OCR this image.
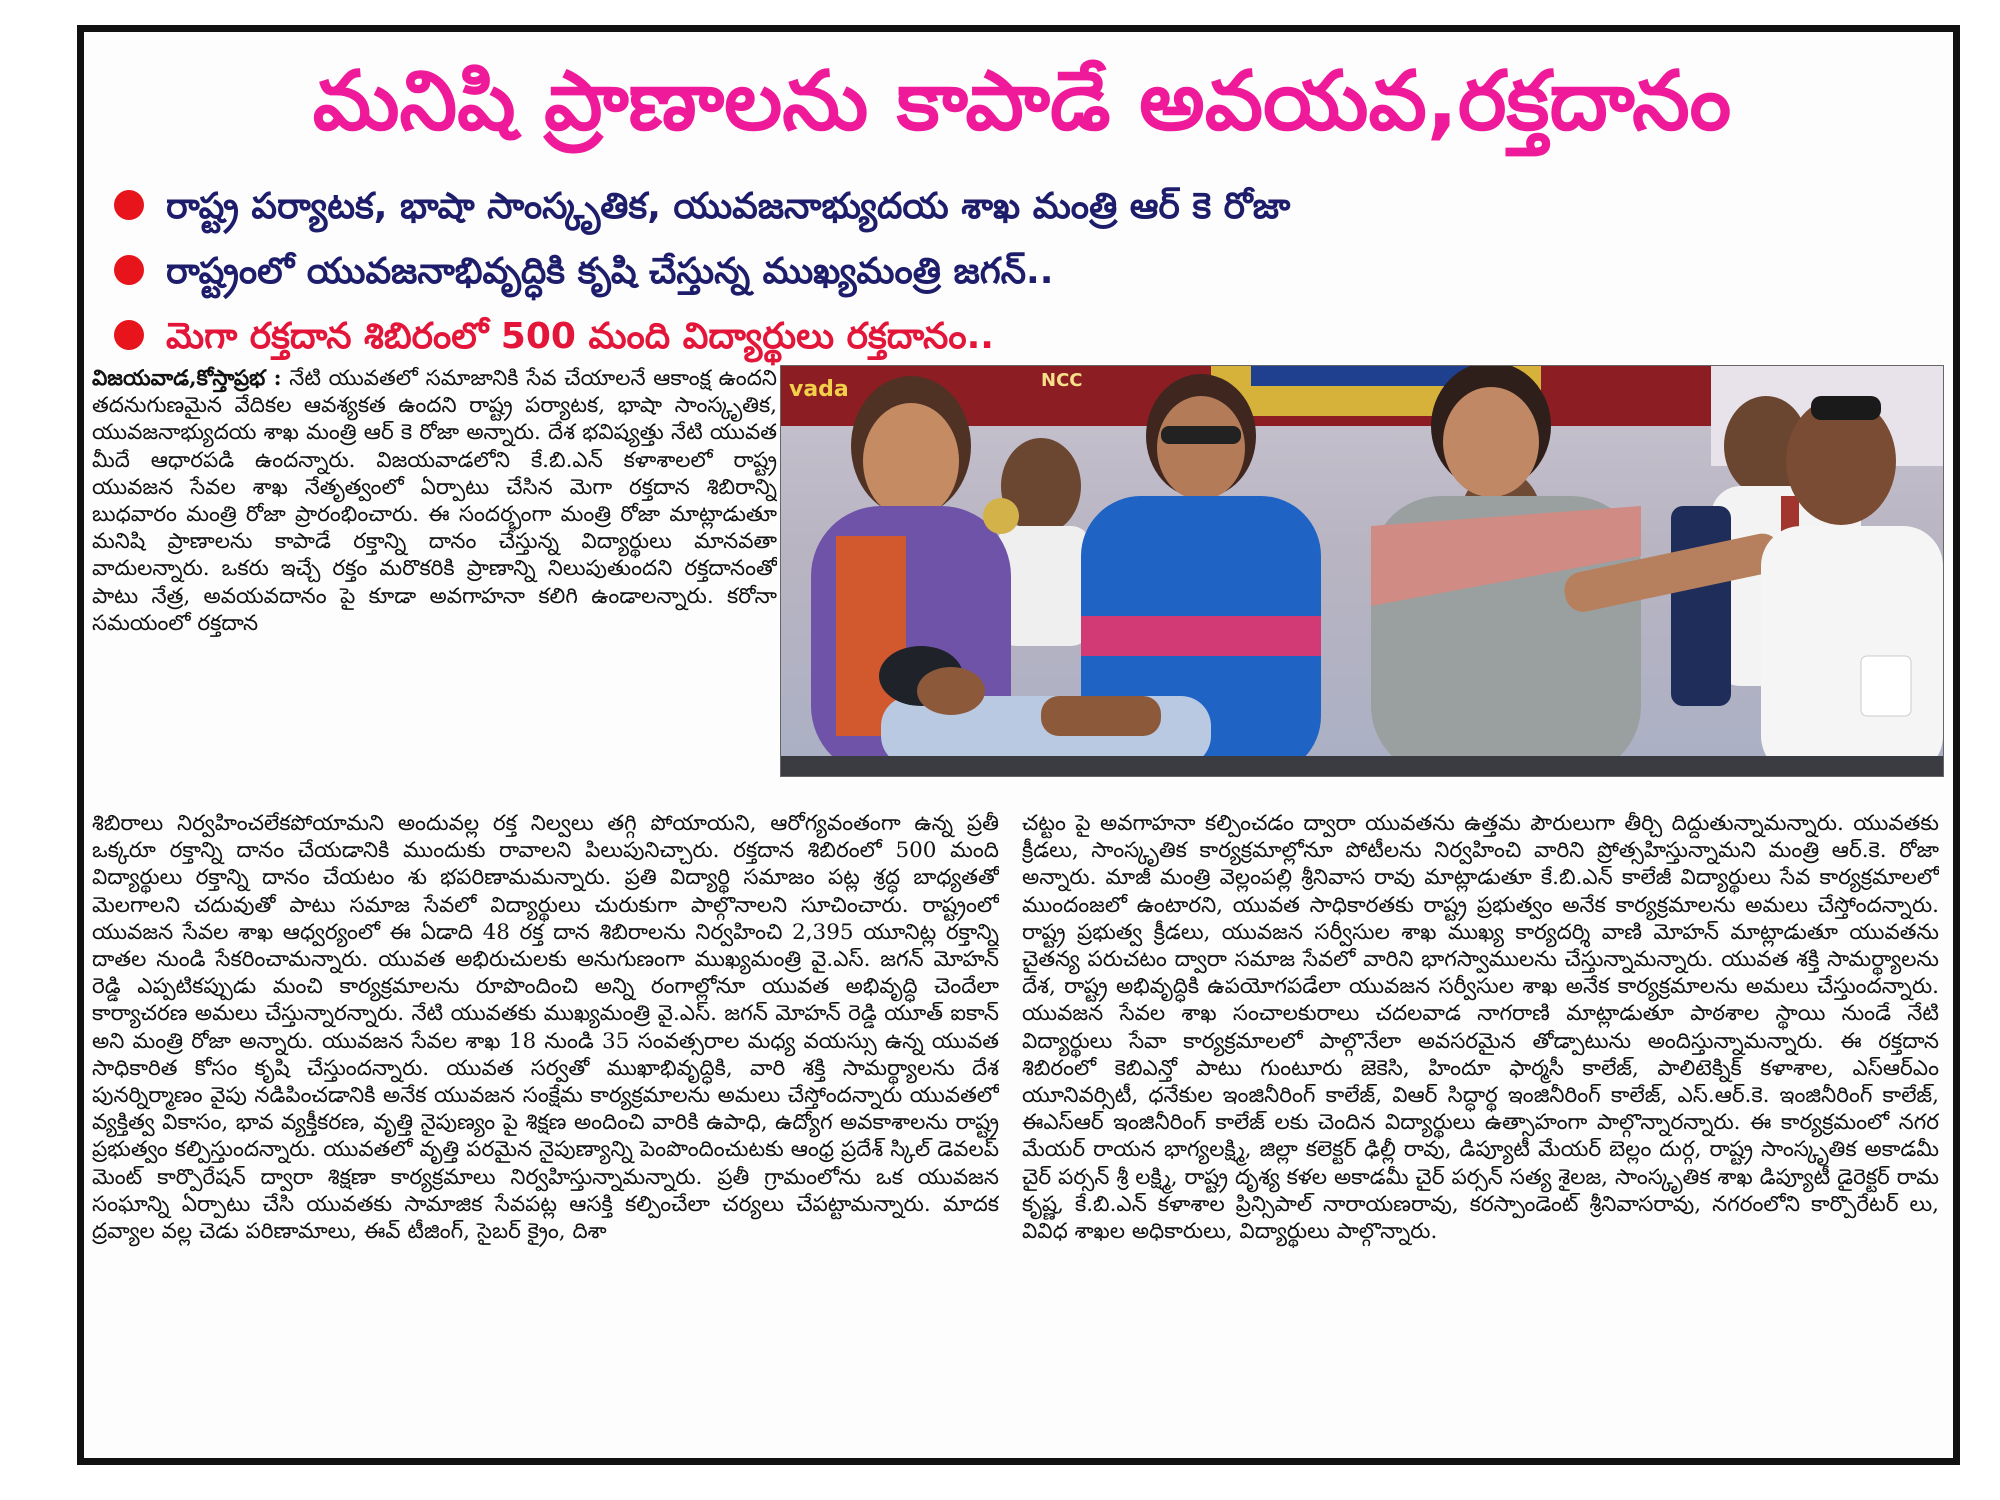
మనిషి ప్రాణాలను కాపాడే అవయవ,రక్తదానం
రాష్ట్ర పర్యాటక, భాషా సాంస్కృతిక, యువజనాభ్యుదయ శాఖ మంత్రి ఆర్ కె రోజా
రాష్ట్రంలో యువజనాభివృద్ధికి కృషి చేస్తున్న ముఖ్యమంత్రి జగన్..
మెగా రక్తదాన శిబిరంలో 500 మంది విద్యార్థులు రక్తదానం..
విజయవాడ,కోస్తాప్రభ : నేటి యువతలో సమాజానికి సేవ చేయాలనే ఆకాంక్ష ఉందని తదనుగుణమైన వేదికల ఆవశ్యకత ఉందని రాష్ట్ర పర్యాటక, భాషా సాంస్కృతిక, యువజనాభ్యుదయ శాఖ మంత్రి ఆర్ కె రోజా అన్నారు. దేశ భవిష్యత్తు నేటి యువత మీదే ఆధారపడి ఉందన్నారు. విజయవాడలోని కే.బి.ఎన్ కళాశాలలో రాష్ట్ర యువజన సేవల శాఖ నేతృత్వంలో ఏర్పాటు చేసిన మెగా రక్తదాన శిబిరాన్ని బుధవారం మంత్రి రోజా ప్రారంభించారు. ఈ సందర్భంగా మంత్రి రోజా మాట్లాడుతూ మనిషి ప్రాణాలను కాపాడే రక్తాన్ని దానం చేస్తున్న విద్యార్థులు మానవతా వాదులన్నారు. ఒకరు ఇచ్చే రక్తం మరొకరికి ప్రాణాన్ని నిలుపుతుందని రక్తదానంతో పాటు నేత్ర, అవయవదానం పై కూడా అవగాహనా కలిగి ఉండాలన్నారు. కరోనా సమయంలో రక్తదాన
vada	NCC
శిబిరాలు నిర్వహించలేకపోయామని అందువల్ల రక్త నిల్వలు తగ్గి పోయాయని, ఆరోగ్యవంతంగా ఉన్న ప్రతీ ఒక్కరూ రక్తాన్ని దానం చేయడానికి ముందుకు రావాలని పిలుపునిచ్చారు. రక్తదాన శిబిరంలో 500 మంది విద్యార్థులు రక్తాన్ని దానం చేయటం శు భపరిణామమన్నారు. ప్రతి విద్యార్థి సమాజం పట్ల శ్రద్ధ బాధ్యతతో మెలగాలని చదువుతో పాటు సమాజ సేవలో విద్యార్థులు చురుకుగా పాల్గొనాలని సూచించారు. రాష్ట్రంలో యువజన సేవల శాఖ ఆధ్వర్యంలో ఈ ఏడాది 48 రక్త దాన శిబిరాలను నిర్వహించి 2,395 యూనిట్ల రక్తాన్ని దాతల నుండి సేకరించామన్నారు. యువత అభిరుచులకు అనుగుణంగా ముఖ్యమంత్రి వై.ఎస్. జగన్ మోహన్ రెడ్డి ఎప్పటికప్పుడు మంచి కార్యక్రమాలను రూపొందించి అన్ని రంగాల్లోనూ యువత అభివృద్ధి చెందేలా కార్యాచరణ అమలు చేస్తున్నారన్నారు. నేటి యువతకు ముఖ్యమంత్రి వై.ఎస్. జగన్ మోహన్ రెడ్డి యూత్ ఐకాన్ అని మంత్రి రోజా అన్నారు. యువజన సేవల శాఖ 18 నుండి 35 సంవత్సరాల మధ్య వయస్సు ఉన్న యువత సాధికారిత కోసం కృషి చేస్తుందన్నారు. యువత సర్వతో ముఖాభివృద్ధికి, వారి శక్తి సామర్థ్యాలను దేశ పునర్నిర్మాణం వైపు నడిపించడానికి అనేక యువజన సంక్షేమ కార్యక్రమాలను అమలు చేస్తోందన్నారు యువతలో వ్యక్తిత్వ వికాసం, భావ వ్యక్తీకరణ, వృత్తి నైపుణ్యం పై శిక్షణ అందించి వారికి ఉపాధి, ఉద్యోగ అవకాశాలను రాష్ట్ర ప్రభుత్వం కల్పిస్తుందన్నారు. యువతలో వృత్తి పరమైన నైపుణ్యాన్ని పెంపొందించుటకు ఆంధ్ర ప్రదేశ్ స్కిల్ డెవలప్ మెంట్ కార్పొరేషన్ ద్వారా శిక్షణా కార్యక్రమాలు నిర్వహిస్తున్నామన్నారు. ప్రతీ గ్రామంలోను ఒక యువజన సంఘాన్ని ఏర్పాటు చేసి యువతకు సామాజిక సేవపట్ల ఆసక్తి కల్పించేలా చర్యలు చేపట్టామన్నారు. మాదక ద్రవ్యాల వల్ల చెడు పరిణామాలు, ఈవ్ టీజింగ్, సైబర్ క్రైం, దిశా
చట్టం పై అవగాహనా కల్పించడం ద్వారా యువతను ఉత్తమ పౌరులుగా తీర్చి దిద్దుతున్నామన్నారు. యువతకు క్రీడలు, సాంస్కృతిక కార్యక్రమాల్లోనూ పోటీలను నిర్వహించి వారిని ప్రోత్సహిస్తున్నామని మంత్రి ఆర్.కె. రోజా అన్నారు. మాజీ మంత్రి వెల్లంపల్లి శ్రీనివాస రావు మాట్లాడుతూ కే.బి.ఎన్ కాలేజీ విద్యార్థులు సేవ కార్యక్రమాలలో ముందంజలో ఉంటారని, యువత సాధికారతకు రాష్ట్ర ప్రభుత్వం అనేక కార్యక్రమాలను అమలు చేస్తోందన్నారు. రాష్ట్ర ప్రభుత్వ క్రీడలు, యువజన సర్వీసుల శాఖ ముఖ్య కార్యదర్శి వాణి మోహన్ మాట్లాడుతూ యువతను చైతన్య పరుచటం ద్వారా సమాజ సేవలో వారిని భాగస్వాములను చేస్తున్నామన్నారు. యువత శక్తి సామర్థ్యాలను దేశ, రాష్ట్ర అభివృద్ధికి ఉపయోగపడేలా యువజన సర్వీసుల శాఖ అనేక కార్యక్రమాలను అమలు చేస్తుందన్నారు. యువజన సేవల శాఖ సంచాలకురాలు చదలవాడ నాగరాణి మాట్లాడుతూ పాఠశాల స్థాయి నుండే నేటి విద్యార్థులు సేవా కార్యక్రమాలలో పాల్గొనేలా అవసరమైన తోడ్పాటును అందిస్తున్నామన్నారు. ఈ రక్తదాన శిబిరంలో కెబిఎన్తో పాటు గుంటూరు జెకెసి, హిందూ ఫార్మసీ కాలేజ్, పాలిటెక్నిక్ కళాశాల, ఎస్ఆర్ఎం యూనివర్సిటీ, ధనేకుల ఇంజినీరింగ్ కాలేజ్, విఆర్ సిద్ధార్థ ఇంజినీరింగ్ కాలేజ్, ఎస్.ఆర్.కె. ఇంజినీరింగ్ కాలేజ్, ఈఎస్ఆర్ ఇంజినీరింగ్ కాలేజ్ లకు చెందిన విద్యార్థులు ఉత్సాహంగా పాల్గొన్నారన్నారు. ఈ కార్యక్రమంలో నగర మేయర్ రాయన భాగ్యలక్ష్మి, జిల్లా కలెక్టర్ ఢిల్లీ రావు, డిప్యూటీ మేయర్ బెల్లం దుర్గ, రాష్ట్ర సాంస్కృతిక అకాడమీ చైర్ పర్సన్ శ్రీ లక్ష్మి, రాష్ట్ర దృశ్య కళల అకాడమీ చైర్ పర్సన్ సత్య శైలజ, సాంస్కృతిక శాఖ డిప్యూటీ డైరెక్టర్ రామ కృష్ణ, కే.బి.ఎన్ కళాశాల ప్రిన్సిపాల్ నారాయణరావు, కరస్పాండెంట్ శ్రీనివాసరావు, నగరంలోని కార్పొరేటర్ లు, వివిధ శాఖల అధికారులు, విద్యార్థులు పాల్గొన్నారు.
